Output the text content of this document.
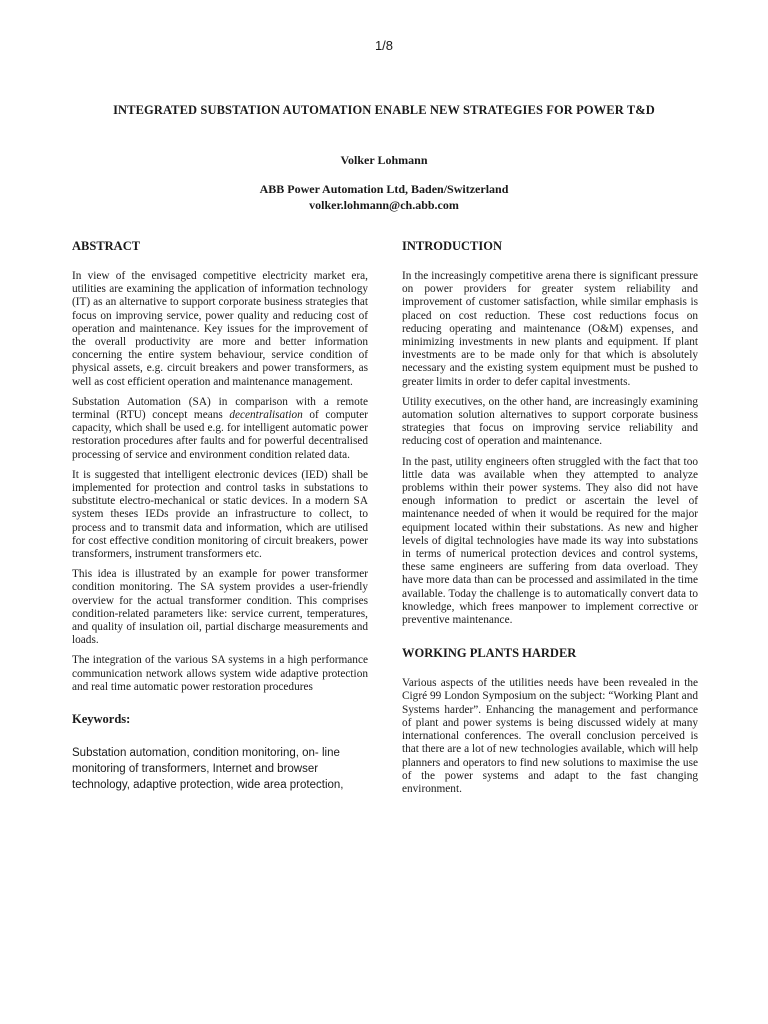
1/8
INTEGRATED SUBSTATION AUTOMATION ENABLE NEW STRATEGIES FOR POWER T&D
Volker Lohmann
ABB Power Automation Ltd, Baden/Switzerland
volker.lohmann@ch.abb.com
ABSTRACT

In view of the envisaged competitive electricity market era, utilities are examining the application of information technology (IT) as an alternative to support corporate business strategies that focus on improving service, power quality and reducing cost of operation and maintenance. Key issues for the improvement of the overall productivity are more and better information concerning the entire system behaviour, service condition of physical assets, e.g. circuit breakers and power transformers, as well as cost efficient operation and maintenance management.

Substation Automation (SA) in comparison with a remote terminal (RTU) concept means decentralisation of computer capacity, which shall be used e.g. for intelligent automatic power restoration procedures after faults and for powerful decentralised processing of service and environment condition related data.

It is suggested that intelligent electronic devices (IED) shall be implemented for protection and control tasks in substations to substitute electro-mechanical or static devices. In a modern SA system theses IEDs provide an infrastructure to collect, to process and to transmit data and information, which are utilised for cost effective condition monitoring of circuit breakers, power transformers, instrument transformers etc.

This idea is illustrated by an example for power transformer condition monitoring. The SA system provides a user-friendly overview for the actual transformer condition. This comprises condition-related parameters like: service current, temperatures, and quality of insulation oil, partial discharge measurements and loads.

The integration of the various SA systems in a high performance communication network allows system wide adaptive protection and real time automatic power restoration procedures

Keywords:

Substation automation, condition monitoring, on- line monitoring of transformers, Internet and browser technology, adaptive protection, wide area protection,

INTRODUCTION

In the increasingly competitive arena there is significant pressure on power providers for greater system reliability and improvement of customer satisfaction, while similar emphasis is placed on cost reduction. These cost reductions focus on reducing operating and maintenance (O&M) expenses, and minimizing investments in new plants and equipment. If plant investments are to be made only for that which is absolutely necessary and the existing system equipment must be pushed to greater limits in order to defer capital investments.

Utility executives, on the other hand, are increasingly examining automation solution alternatives to support corporate business strategies that focus on improving service reliability and reducing cost of operation and maintenance.

In the past, utility engineers often struggled with the fact that too little data was available when they attempted to analyze problems within their power systems. They also did not have enough information to predict or ascertain the level of maintenance needed of when it would be required for the major equipment located within their substations. As new and higher levels of digital technologies have made its way into substations in terms of numerical protection devices and control systems, these same engineers are suffering from data overload. They have more data than can be processed and assimilated in the time available. Today the challenge is to automatically convert data to knowledge, which frees manpower to implement corrective or preventive maintenance.

WORKING PLANTS HARDER

Various aspects of the utilities needs have been revealed in the Cigré 99 London Symposium on the subject: “Working Plant and Systems harder”. Enhancing the management and performance of plant and power systems is being discussed widely at many international conferences. The overall conclusion perceived is that there are a lot of new technologies available, which will help planners and operators to find new solutions to maximise the use of the power systems and adapt to the fast changing environment.
